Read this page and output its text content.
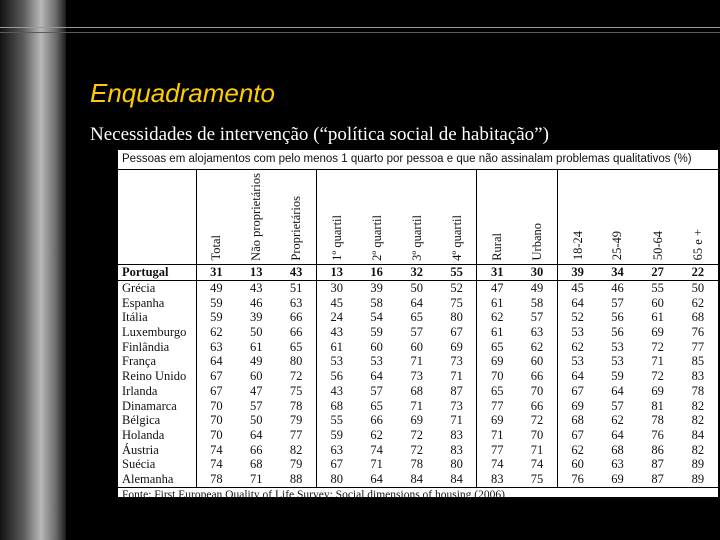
Enquadramento
Necessidades de intervenção (“política social de habitação”)
Pessoas em alojamentos com pelo menos 1 quarto por pessoa e que não assinalam problemas qualitativos (%)													
	Total	Não proprietários	Proprietários	1º quartil	2º quartil	3º quartil	4º quartil	Rural	Urbano	18-24	25-49	50-64	65 e +
Portugal	31	13	43	13	16	32	55	31	30	39	34	27	22
Grécia	49	43	51	30	39	50	52	47	49	45	46	55	50
Espanha	59	46	63	45	58	64	75	61	58	64	57	60	62
Itália	59	39	66	24	54	65	80	62	57	52	56	61	68
Luxemburgo	62	50	66	43	59	57	67	61	63	53	56	69	76
Finlândia	63	61	65	61	60	60	69	65	62	62	53	72	77
França	64	49	80	53	53	71	73	69	60	53	53	71	85
Reino Unido	67	60	72	56	64	73	71	70	66	64	59	72	83
Irlanda	67	47	75	43	57	68	87	65	70	67	64	69	78
Dinamarca	70	57	78	68	65	71	73	77	66	69	57	81	82
Bélgica	70	50	79	55	66	69	71	69	72	68	62	78	82
Holanda	70	64	77	59	62	72	83	71	70	67	64	76	84
Áustria	74	66	82	63	74	72	83	77	71	62	68	86	82
Suécia	74	68	79	67	71	78	80	74	74	60	63	87	89
Alemanha	78	71	88	80	64	84	84	83	75	76	69	87	89
Fonte: First European Quality of Life Survey: Social dimensions of housing (2006)													
